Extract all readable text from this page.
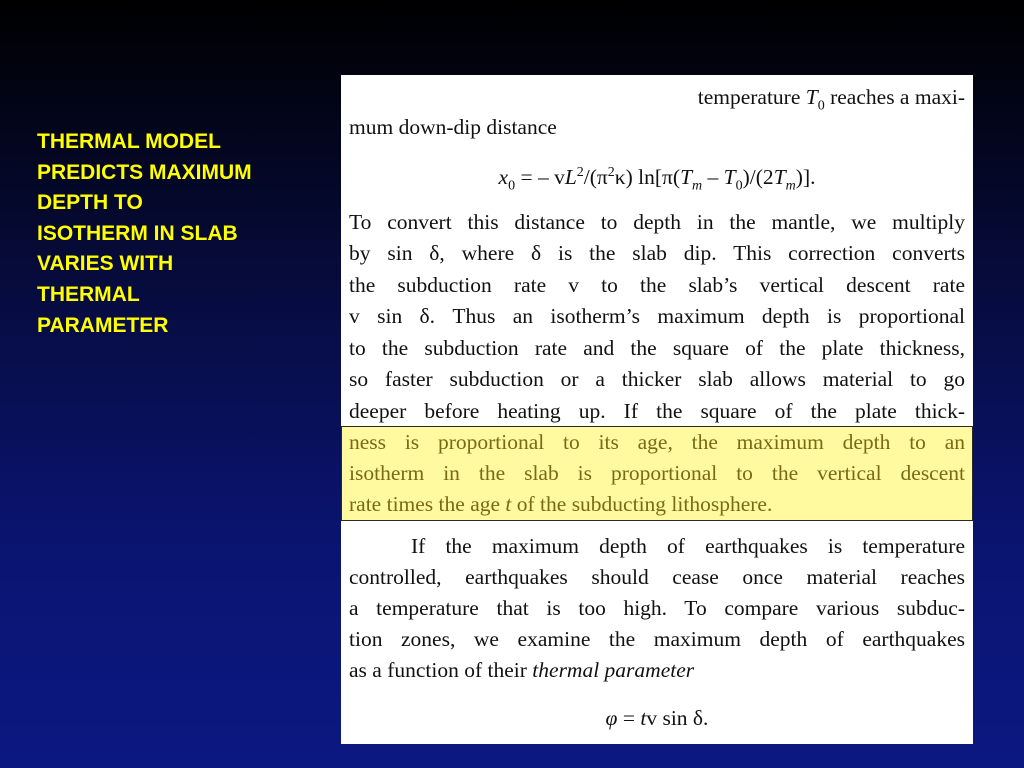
THERMAL MODEL
PREDICTS MAXIMUM
DEPTH TO
ISOTHERM IN SLAB
VARIES WITH
THERMAL
PARAMETER
temperature $T_0$ reaches a maxi-
mum down-dip distance
$x_0$ = – $vL^2/(\pi^2\kappa)$ $\ln[\pi(T_m - T_0)/(2T_m)]$.
To convert this distance to depth in the mantle, we multiply
by sin δ, where δ is the slab dip. This correction converts
the subduction rate v to the slab’s vertical descent rate
v sin δ. Thus an isotherm’s maximum depth is proportional
to the subduction rate and the square of the plate thickness,
so faster subduction or a thicker slab allows material to go
deeper before heating up. If the square of the plate thick-
ness is proportional to its age, the maximum depth to an
isotherm in the slab is proportional to the vertical descent
rate times the age t of the subducting lithosphere.
If the maximum depth of earthquakes is temperature
controlled, earthquakes should cease once material reaches
a temperature that is too high. To compare various subduc-
tion zones, we examine the maximum depth of earthquakes
as a function of their thermal parameter
φ = tv sin δ.
